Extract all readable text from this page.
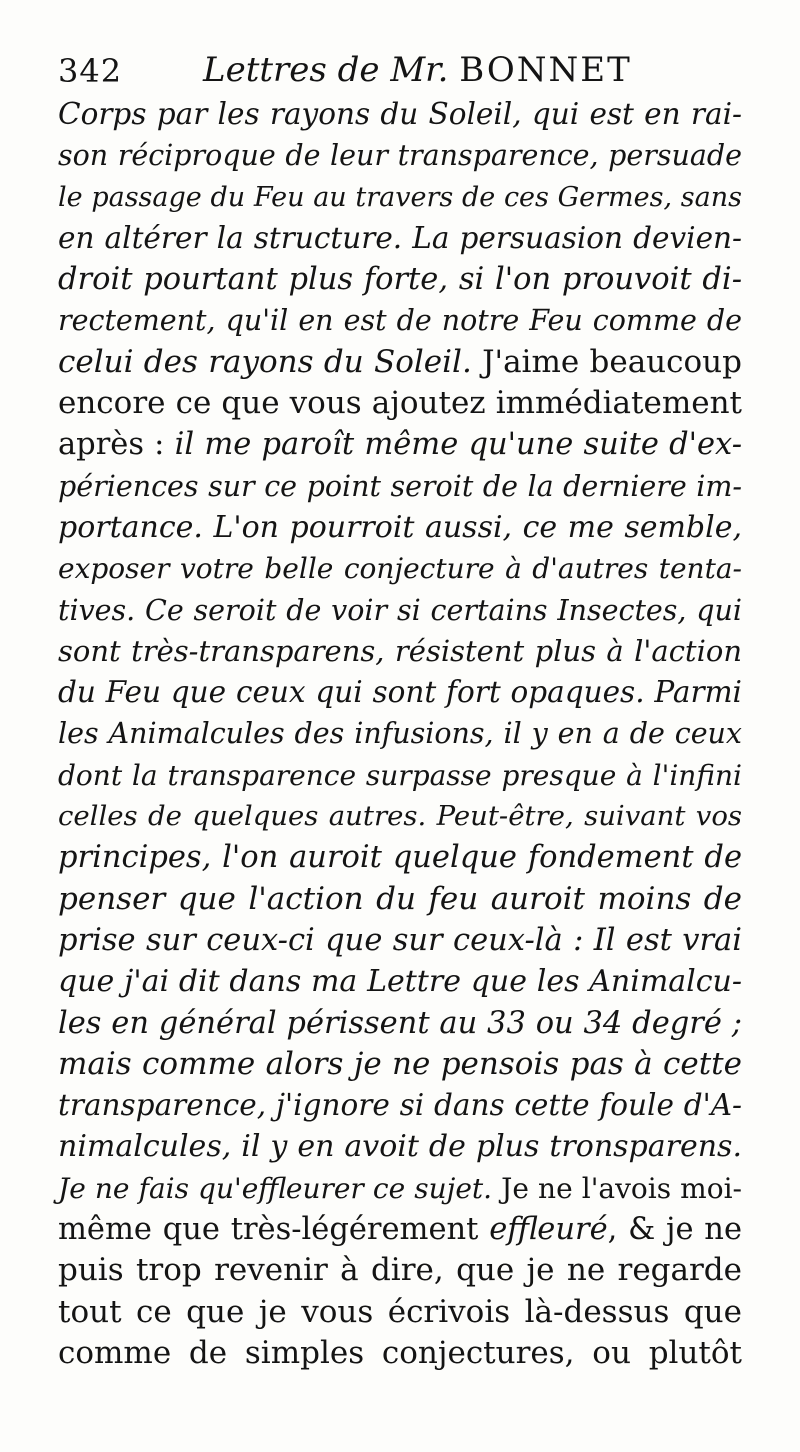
342 Lettres de Mr. BONNET
Corps par les rayons du Soleil, qui est en rai-
son réciproque de leur transparence, persuade
le passage du Feu au travers de ces Germes, sans
en altérer la structure. La persuasion devien-
droit pourtant plus forte, si l'on prouvoit di-
rectement, qu'il en est de notre Feu comme de
celui des rayons du Soleil. J'aime beaucoup
encore ce que vous ajoutez immédiatement
après : il me paroît même qu'une suite d'ex-
périences sur ce point seroit de la derniere im-
portance. L'on pourroit aussi, ce me semble,
exposer votre belle conjecture à d'autres tenta-
tives. Ce seroit de voir si certains Insectes, qui
sont très-transparens, résistent plus à l'action
du Feu que ceux qui sont fort opaques. Parmi
les Animalcules des infusions, il y en a de ceux
dont la transparence surpasse presque à l'infini
celles de quelques autres. Peut-être, suivant vos
principes, l'on auroit quelque fondement de
penser que l'action du feu auroit moins de
prise sur ceux-ci que sur ceux-là : Il est vrai
que j'ai dit dans ma Lettre que les Animalcu-
les en général périssent au 33 ou 34 degré ;
mais comme alors je ne pensois pas à cette
transparence, j'ignore si dans cette foule d'A-
nimalcules, il y en avoit de plus tronsparens.
Je ne fais qu'effleurer ce sujet. Je ne l'avois moi-
même que très-légérement effleuré, & je ne
puis trop revenir à dire, que je ne regarde
tout ce que je vous écrivois là-dessus que
comme de simples conjectures, ou plutôt
